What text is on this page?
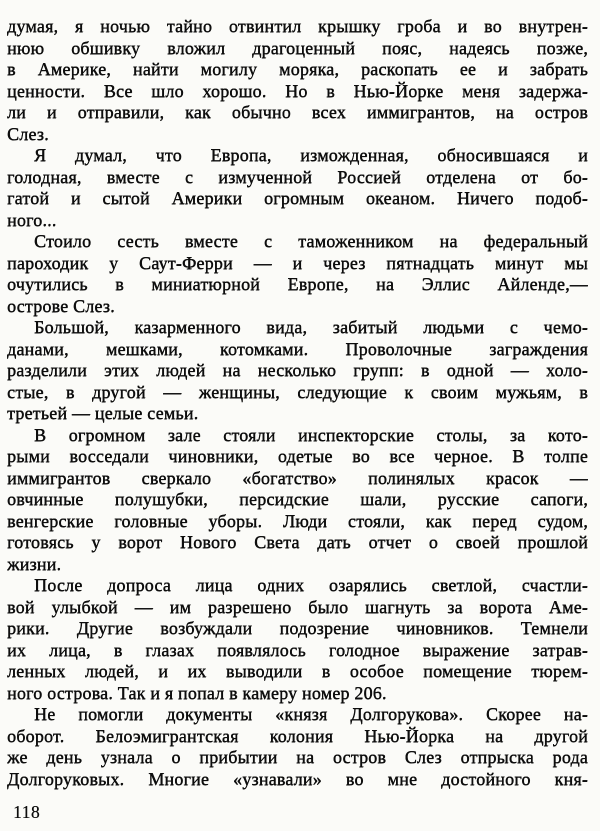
думая, я ночью тайно отвинтил крышку гроба и во внутрен-
нюю обшивку вложил драгоценный пояс, надеясь позже,
в Америке, найти могилу моряка, раскопать ее и забрать
ценности. Все шло хорошо. Но в Нью-Йорке меня задержа-
ли и отправили, как обычно всех иммигрантов, на остров
Слез.
Я думал, что Европа, изможденная, обносившаяся и
голодная, вместе с измученной Россией отделена от бо-
гатой и сытой Америки огромным океаном. Ничего подоб-
ного...
Стоило сесть вместе с таможенником на федеральный
пароходик у Саут-Ферри — и через пятнадцать минут мы
очутились в миниатюрной Европе, на Эллис Айленде,—
острове Слез.
Большой, казарменного вида, забитый людьми с чемо-
данами, мешками, котомками. Проволочные заграждения
разделили этих людей на несколько групп: в одной — холо-
стые, в другой — женщины, следующие к своим мужьям, в
третьей — целые семьи.
В огромном зале стояли инспекторские столы, за кото-
рыми восседали чиновники, одетые во все черное. В толпе
иммигрантов сверкало «богатство» полинялых красок —
овчинные полушубки, персидские шали, русские сапоги,
венгерские головные уборы. Люди стояли, как перед судом,
готовясь у ворот Нового Света дать отчет о своей прошлой
жизни.
После допроса лица одних озарялись светлой, счастли-
вой улыбкой — им разрешено было шагнуть за ворота Аме-
рики. Другие возбуждали подозрение чиновников. Темнели
их лица, в глазах появлялось голодное выражение затрав-
ленных людей, и их выводили в особое помещение тюрем-
ного острова. Так и я попал в камеру номер 206.
Не помогли документы «князя Долгорукова». Скорее на-
оборот. Белоэмигрантская колония Нью-Йорка на другой
же день узнала о прибытии на остров Слез отпрыска рода
Долгоруковых. Многие «узнавали» во мне достойного кня-
118
